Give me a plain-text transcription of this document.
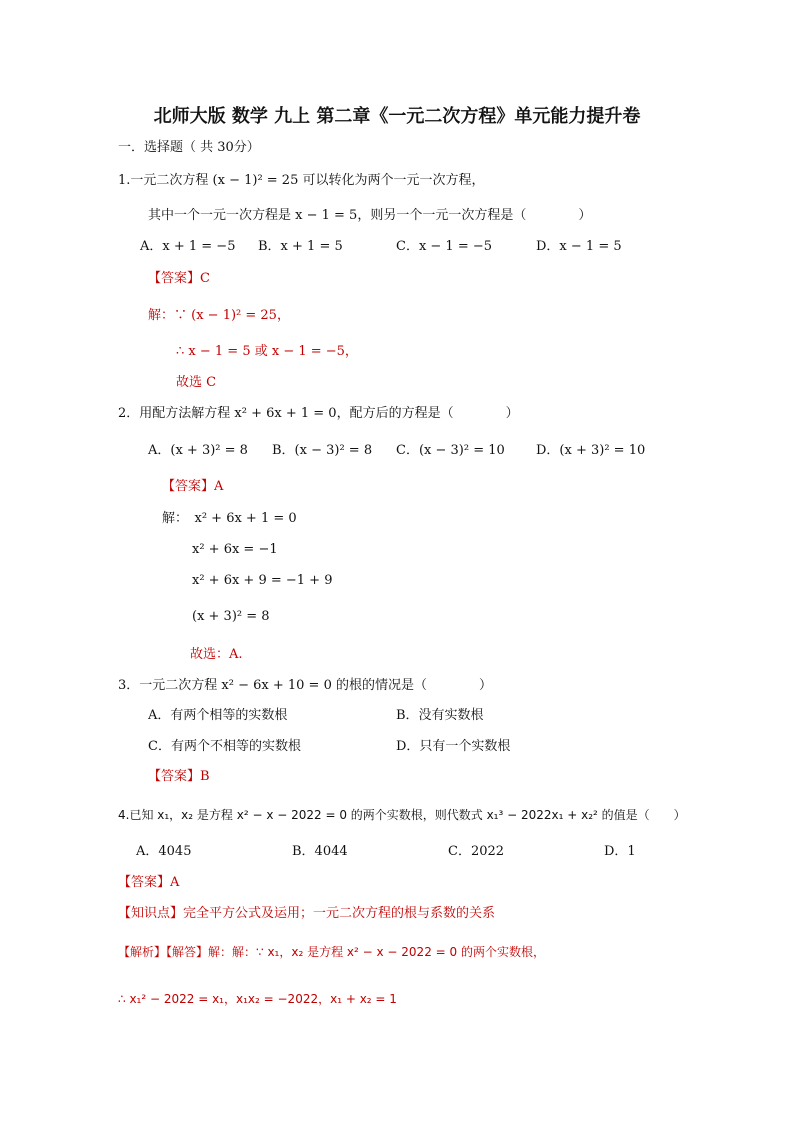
北师大版 数学 九上 第二章《一元二次方程》单元能力提升卷
一．选择题（ 共 30分）
1.一元二次方程 (x − 1)² = 25 可以转化为两个一元一次方程，
其中一个一元一次方程是 x − 1 = 5，则另一个一元一次方程是（　　　　）
A．x + 1 = −5 B．x + 1 = 5	C．x − 1 = −5	D．x − 1 = 5
【答案】C
解：∵ (x − 1)² = 25，
∴ x − 1 = 5 或 x − 1 = −5，
故选 C
2．用配方法解方程 x² + 6x + 1 = 0，配方后的方程是（　　　　）
A．(x + 3)² = 8 B．(x − 3)² = 8 C．(x − 3)² = 10 D．(x + 3)² = 10
【答案】A
解：　x² + 6x + 1 = 0
x² + 6x = −1
x² + 6x + 9 = −1 + 9
(x + 3)² = 8
故选：A.
3．一元二次方程 x² − 6x + 10 = 0 的根的情况是（　　　　）
A．有两个相等的实数根	B．没有实数根
C．有两个不相等的实数根	D．只有一个实数根
【答案】B
4.已知 x₁，x₂ 是方程 x² − x − 2022 = 0 的两个实数根，则代数式 x₁³ − 2022x₁ + x₂² 的值是（　　）
A．4045	B．4044	C．2022	D．1
【答案】A
【知识点】完全平方公式及运用；一元二次方程的根与系数的关系
【解析】【解答】解：解：∵ x₁，x₂ 是方程 x² − x − 2022 = 0 的两个实数根，
∴ x₁² − 2022 = x₁，x₁x₂ = −2022，x₁ + x₂ = 1
